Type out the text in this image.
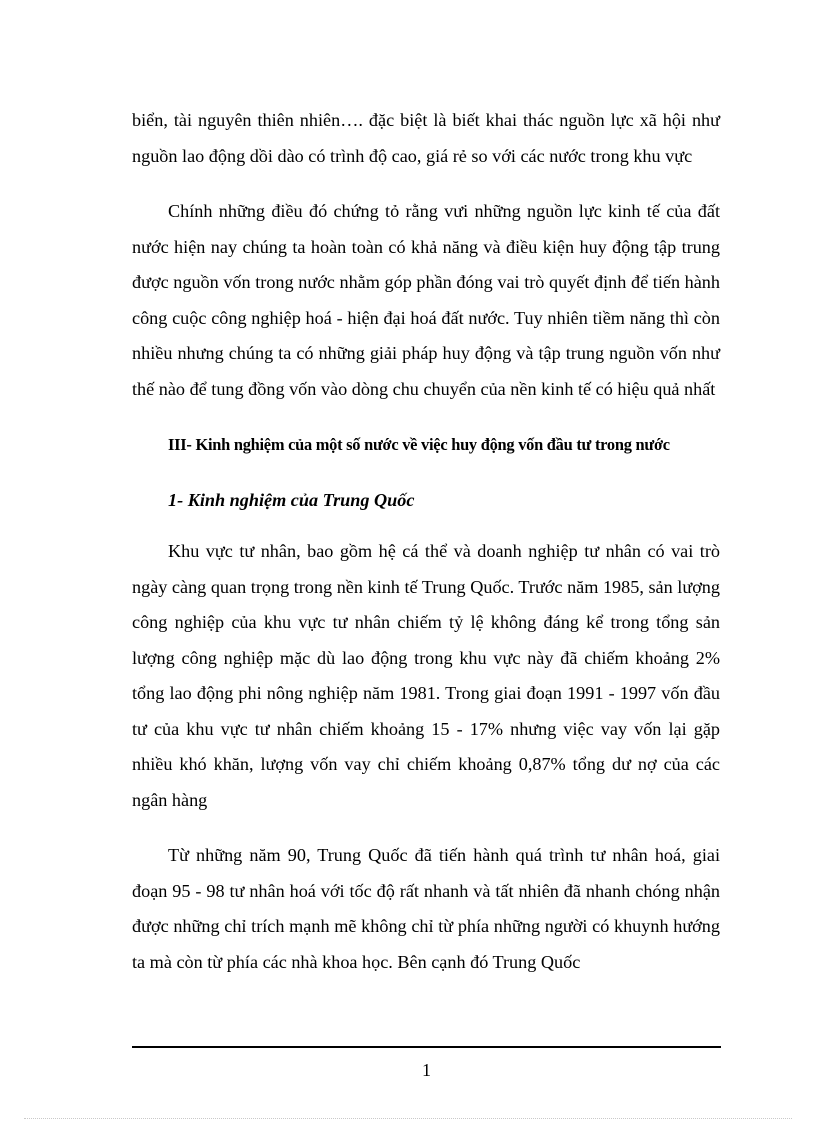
biển, tài nguyên thiên nhiên…. đặc biệt là biết khai thác nguồn lực xã hội như nguồn lao động dồi dào có trình độ cao, giá rẻ so với các nước trong khu vực

Chính những điều đó chứng tỏ rằng vưi những nguồn lực kinh tế của đất nước hiện nay chúng ta hoàn toàn có khả năng và điều kiện huy động tập trung được nguồn vốn trong nước nhằm góp phần đóng vai trò quyết định để tiến hành công cuộc công nghiệp hoá - hiện đại hoá đất nước. Tuy nhiên tiềm năng thì còn nhiều nhưng chúng ta có những giải pháp huy động và tập trung nguồn vốn như thế nào để tung đồng vốn vào dòng chu chuyển của nền kinh tế có hiệu quả nhất

III- Kinh nghiệm của một số nước về việc huy động vốn đầu tư trong nước

1- Kinh nghiệm của Trung Quốc

Khu vực tư nhân, bao gồm hệ cá thể và doanh nghiệp tư nhân có vai trò ngày càng quan trọng trong nền kinh tế Trung Quốc. Trước năm 1985, sản lượng công nghiệp của khu vực tư nhân chiếm tỷ lệ không đáng kể trong tổng sản lượng công nghiệp mặc dù lao động trong khu vực này đã chiếm khoảng 2% tổng lao động phi nông nghiệp năm 1981. Trong giai đoạn 1991 - 1997 vốn đầu tư của khu vực tư nhân chiếm khoảng 15 - 17% nhưng việc vay vốn lại gặp nhiều khó khăn, lượng vốn vay chỉ chiếm khoảng 0,87% tổng dư nợ của các ngân hàng

Từ những năm 90, Trung Quốc đã tiến hành quá trình tư nhân hoá, giai đoạn 95 - 98 tư nhân hoá với tốc độ rất nhanh và tất nhiên đã nhanh chóng nhận được những chỉ trích mạnh mẽ không chỉ từ phía những người có khuynh hướng ta mà còn từ phía các nhà khoa học. Bên cạnh đó Trung Quốc

1
